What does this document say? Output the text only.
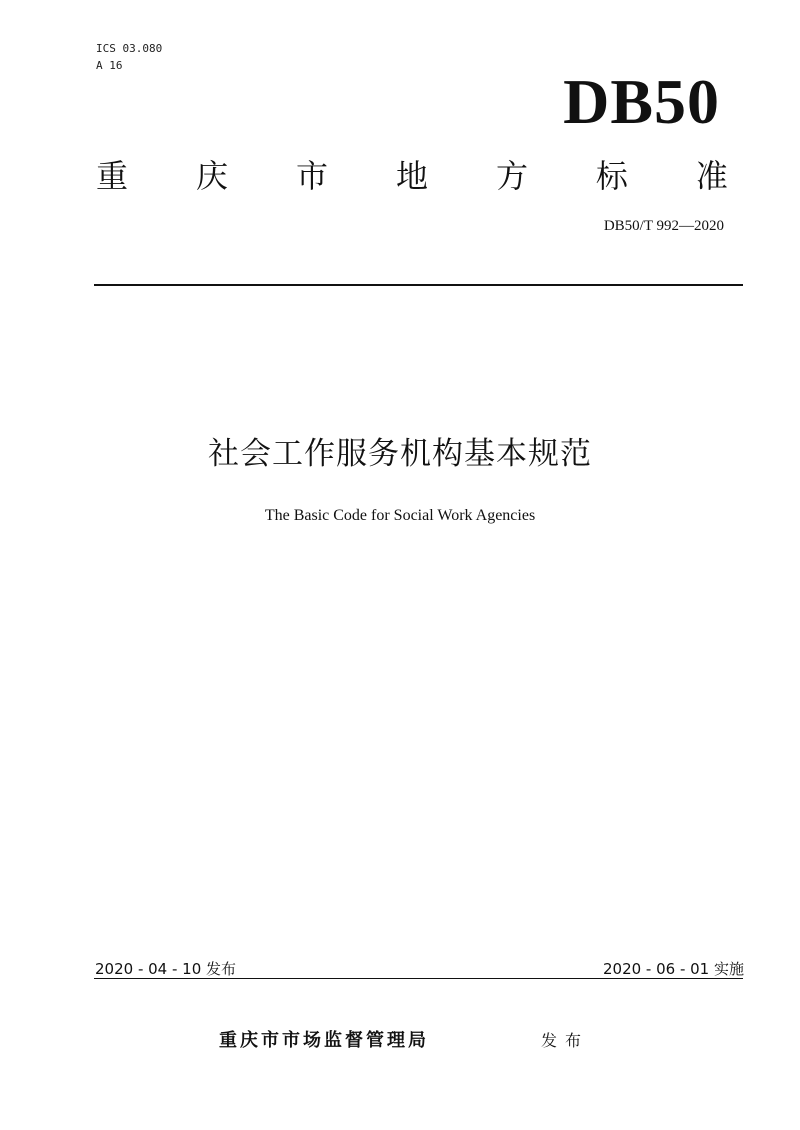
ICS 03.080
A 16
DB50
重 庆 市 地 方 标 准
DB50/T 992—2020
社会工作服务机构基本规范
The Basic Code for Social Work Agencies
2020 - 04 - 10 发布	2020 - 06 - 01 实施
重庆市市场监督管理局	发布
